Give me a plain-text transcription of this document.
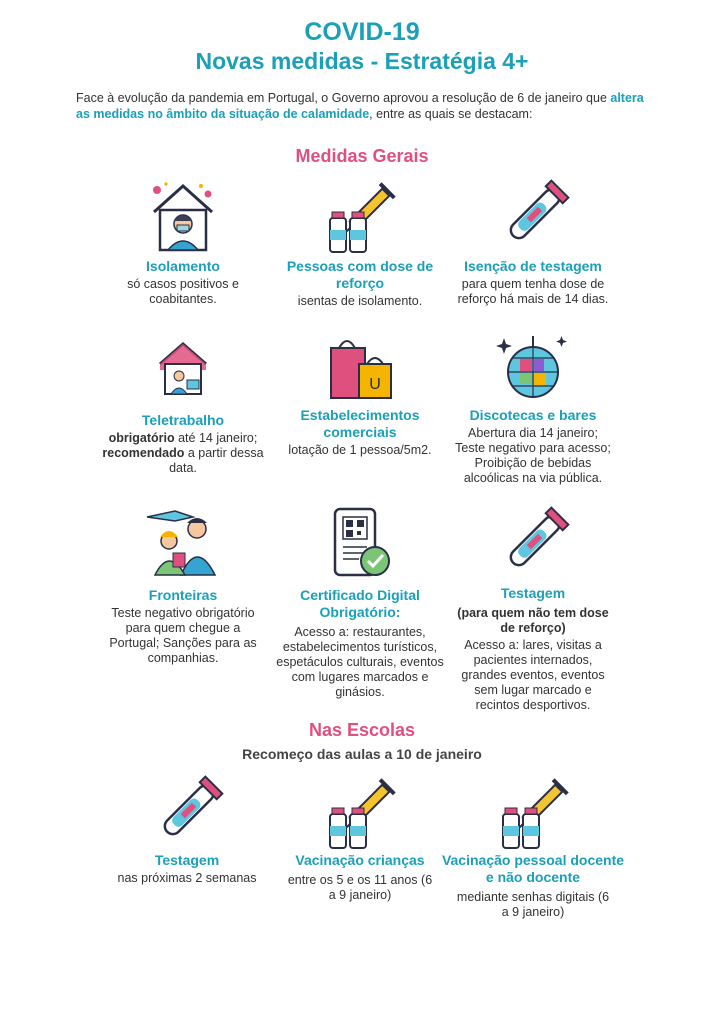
COVID-19
Novas medidas - Estratégia 4+
Face à evolução da pandemia em Portugal, o Governo aprovou a resolução de 6 de janeiro que altera as medidas no âmbito da situação de calamidade, entre as quais se destacam:
Medidas Gerais
Isolamento
só casos positivos e coabitantes.
Pessoas com dose de reforço
isentas de isolamento.
Isenção de testagem
para quem tenha dose de reforço há mais de 14 dias.
Teletrabalho
obrigatório até 14 janeiro; recomendado a partir dessa data.
U
Estabelecimentos comerciais
lotação de 1 pessoa/5m2.
Discotecas e bares
Abertura dia 14 janeiro; Teste negativo para acesso; Proibição de bebidas alcoólicas na via pública.
Fronteiras
Teste negativo obrigatório para quem chegue a Portugal; Sanções para as companhias.
Certificado Digital Obrigatório:
Acesso a: restaurantes, estabelecimentos turísticos, espetáculos culturais, eventos com lugares marcados e ginásios.
Testagem
(para quem não tem dose de reforço)
Acesso a: lares, visitas a pacientes internados, grandes eventos, eventos sem lugar marcado e recintos desportivos.
Nas Escolas
Recomeço das aulas a 10 de janeiro
Testagem
nas próximas 2 semanas
Vacinação crianças
entre os 5 e os 11 anos (6 a 9 janeiro)
Vacinação pessoal docente e não docente
mediante senhas digitais (6 a 9 janeiro)
